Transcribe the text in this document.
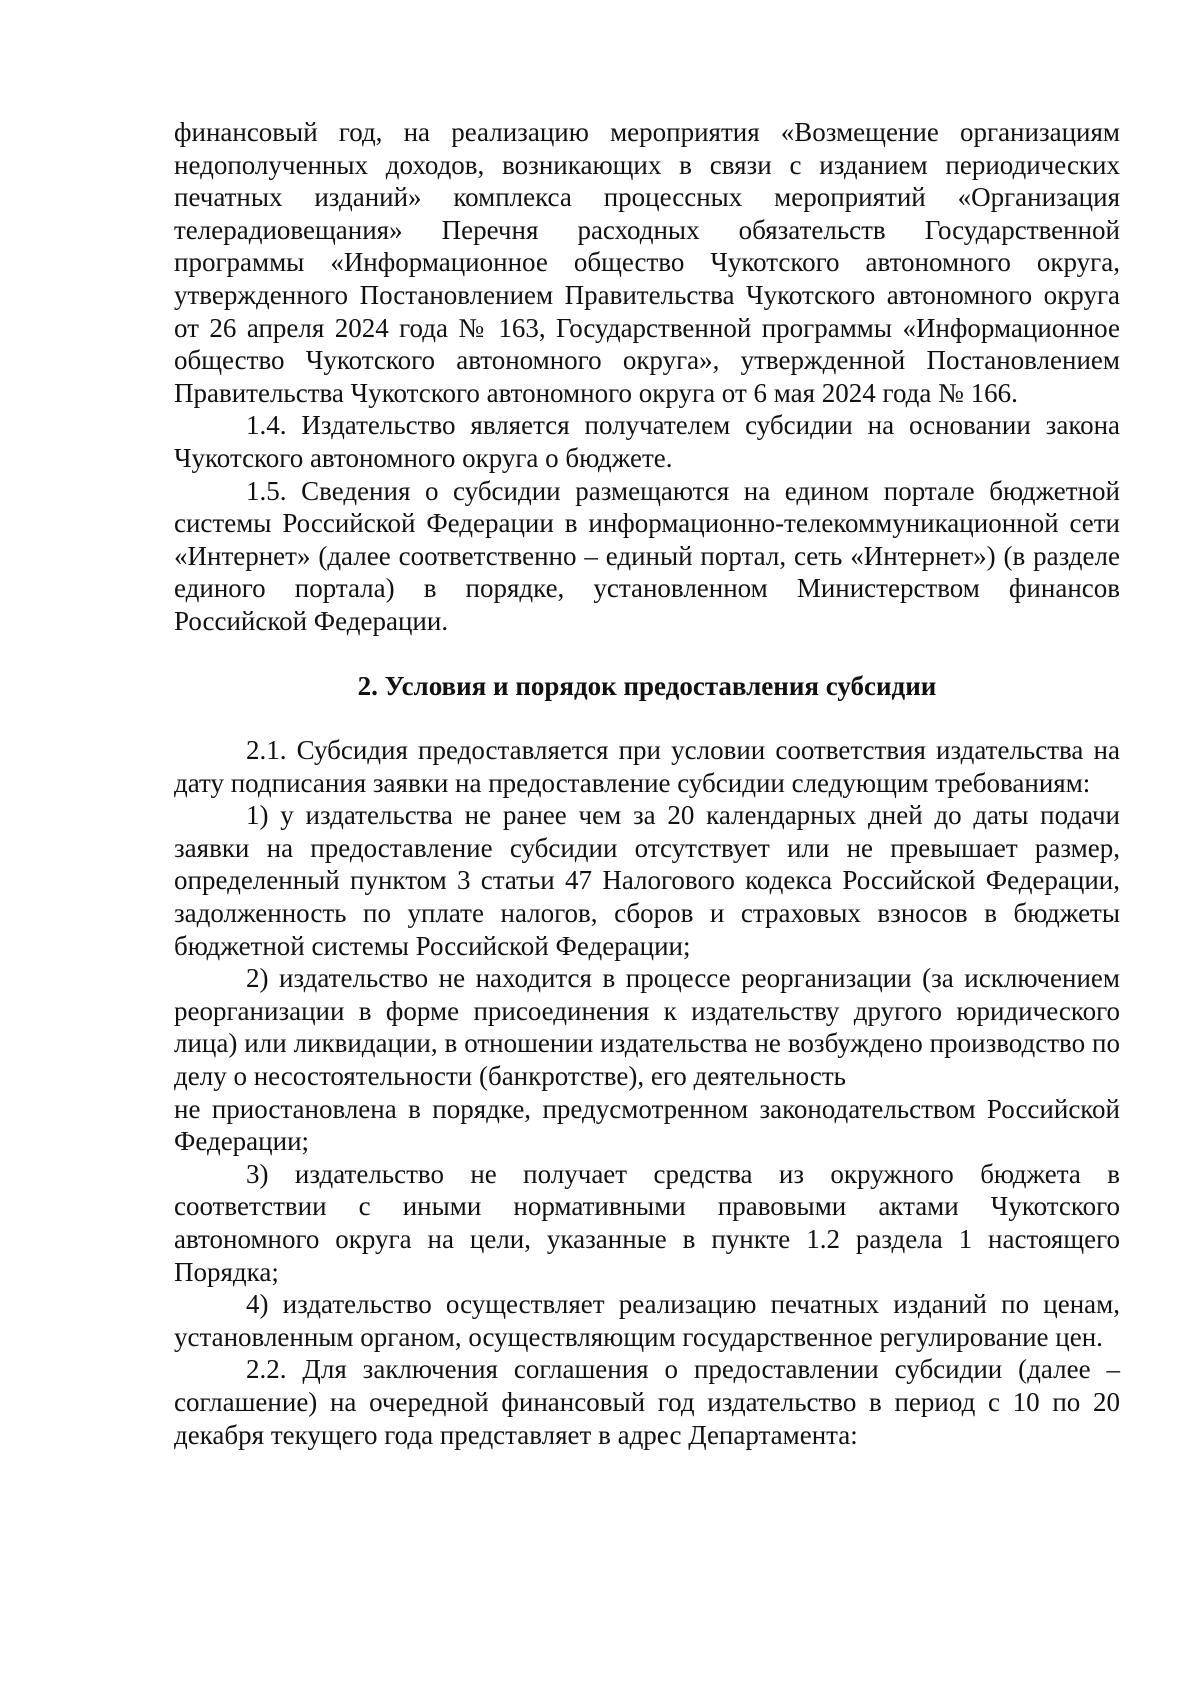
финансовый год, на реализацию мероприятия «Возмещение организациям недополученных доходов, возникающих в связи с изданием периодических печатных изданий» комплекса процессных мероприятий «Организация телерадиовещания» Перечня расходных обязательств Государственной программы «Информационное общество Чукотского автономного округа, утвержденного Постановлением Правительства Чукотского автономного округа от 26 апреля 2024 года № 163, Государственной программы «Информационное общество Чукотского автономного округа», утвержденной Постановлением Правительства Чукотского автономного округа от 6 мая 2024 года № 166.

1.4. Издательство является получателем субсидии на основании закона Чукотского автономного округа о бюджете.

1.5. Сведения о субсидии размещаются на едином портале бюджетной системы Российской Федерации в информационно-телекоммуникационной сети «Интернет» (далее соответственно – единый портал, сеть «Интернет») (в разделе единого портала) в порядке, установленном Министерством финансов Российской Федерации.

2. Условия и порядок предоставления субсидии

2.1. Субсидия предоставляется при условии соответствия издательства на дату подписания заявки на предоставление субсидии следующим требованиям:

1) у издательства не ранее чем за 20 календарных дней до даты подачи заявки на предоставление субсидии отсутствует или не превышает размер, определенный пунктом 3 статьи 47 Налогового кодекса Российской Федерации, задолженность по уплате налогов, сборов и страховых взносов в бюджеты бюджетной системы Российской Федерации;

2) издательство не находится в процессе реорганизации (за исключением реорганизации в форме присоединения к издательству другого юридического лица) или ликвидации, в отношении издательства не возбуждено производство по делу о несостоятельности (банкротстве), его деятельность

не приостановлена в порядке, предусмотренном законодательством Российской Федерации;

3) издательство не получает средства из окружного бюджета в соответствии с иными нормативными правовыми актами Чукотского автономного округа на цели, указанные в пункте 1.2 раздела 1 настоящего Порядка;

4) издательство осуществляет реализацию печатных изданий по ценам, установленным органом, осуществляющим государственное регулирование цен.

2.2. Для заключения соглашения о предоставлении субсидии (далее – соглашение) на очередной финансовый год издательство в период с 10 по 20 декабря текущего года представляет в адрес Департамента:
